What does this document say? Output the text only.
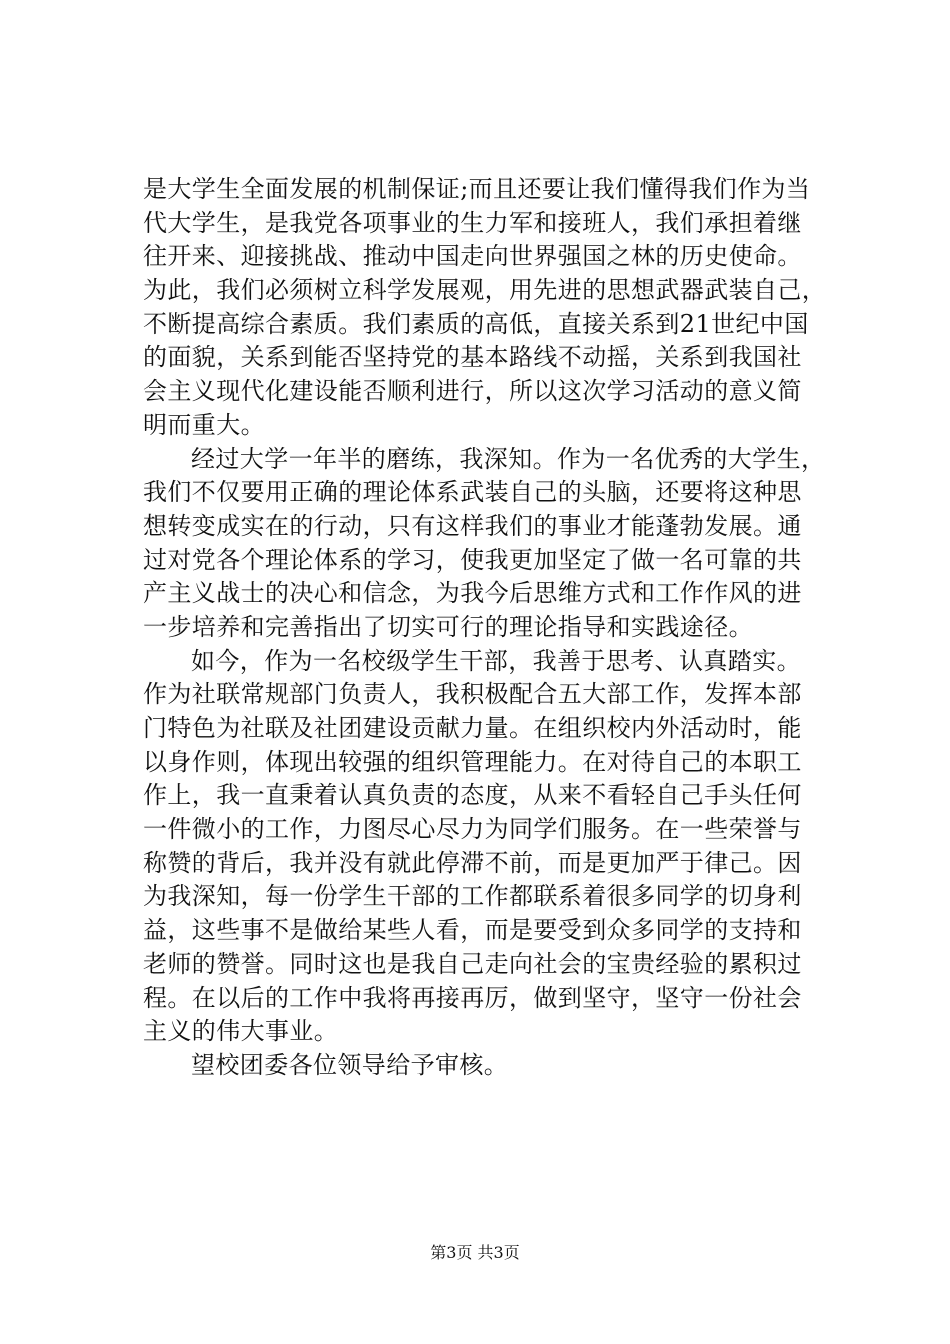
是大学生全面发展的机制保证;而且还要让我们懂得我们作为当
代大学生，是我党各项事业的生力军和接班人，我们承担着继
往开来、迎接挑战、推动中国走向世界强国之林的历史使命。
为此，我们必须树立科学发展观，用先进的思想武器武装自己，
不断提高综合素质。我们素质的高低，直接关系到21世纪中国
的面貌，关系到能否坚持党的基本路线不动摇，关系到我国社
会主义现代化建设能否顺利进行，所以这次学习活动的意义简
明而重大。
经过大学一年半的磨练，我深知。作为一名优秀的大学生，
我们不仅要用正确的理论体系武装自己的头脑，还要将这种思
想转变成实在的行动，只有这样我们的事业才能蓬勃发展。通
过对党各个理论体系的学习，使我更加坚定了做一名可靠的共
产主义战士的决心和信念，为我今后思维方式和工作作风的进
一步培养和完善指出了切实可行的理论指导和实践途径。
如今，作为一名校级学生干部，我善于思考、认真踏实。
作为社联常规部门负责人，我积极配合五大部工作，发挥本部
门特色为社联及社团建设贡献力量。在组织校内外活动时，能
以身作则，体现出较强的组织管理能力。在对待自己的本职工
作上，我一直秉着认真负责的态度，从来不看轻自己手头任何
一件微小的工作，力图尽心尽力为同学们服务。在一些荣誉与
称赞的背后，我并没有就此停滞不前，而是更加严于律己。因
为我深知，每一份学生干部的工作都联系着很多同学的切身利
益，这些事不是做给某些人看，而是要受到众多同学的支持和
老师的赞誉。同时这也是我自己走向社会的宝贵经验的累积过
程。在以后的工作中我将再接再厉，做到坚守，坚守一份社会
主义的伟大事业。
望校团委各位领导给予审核。
第3页 共3页
